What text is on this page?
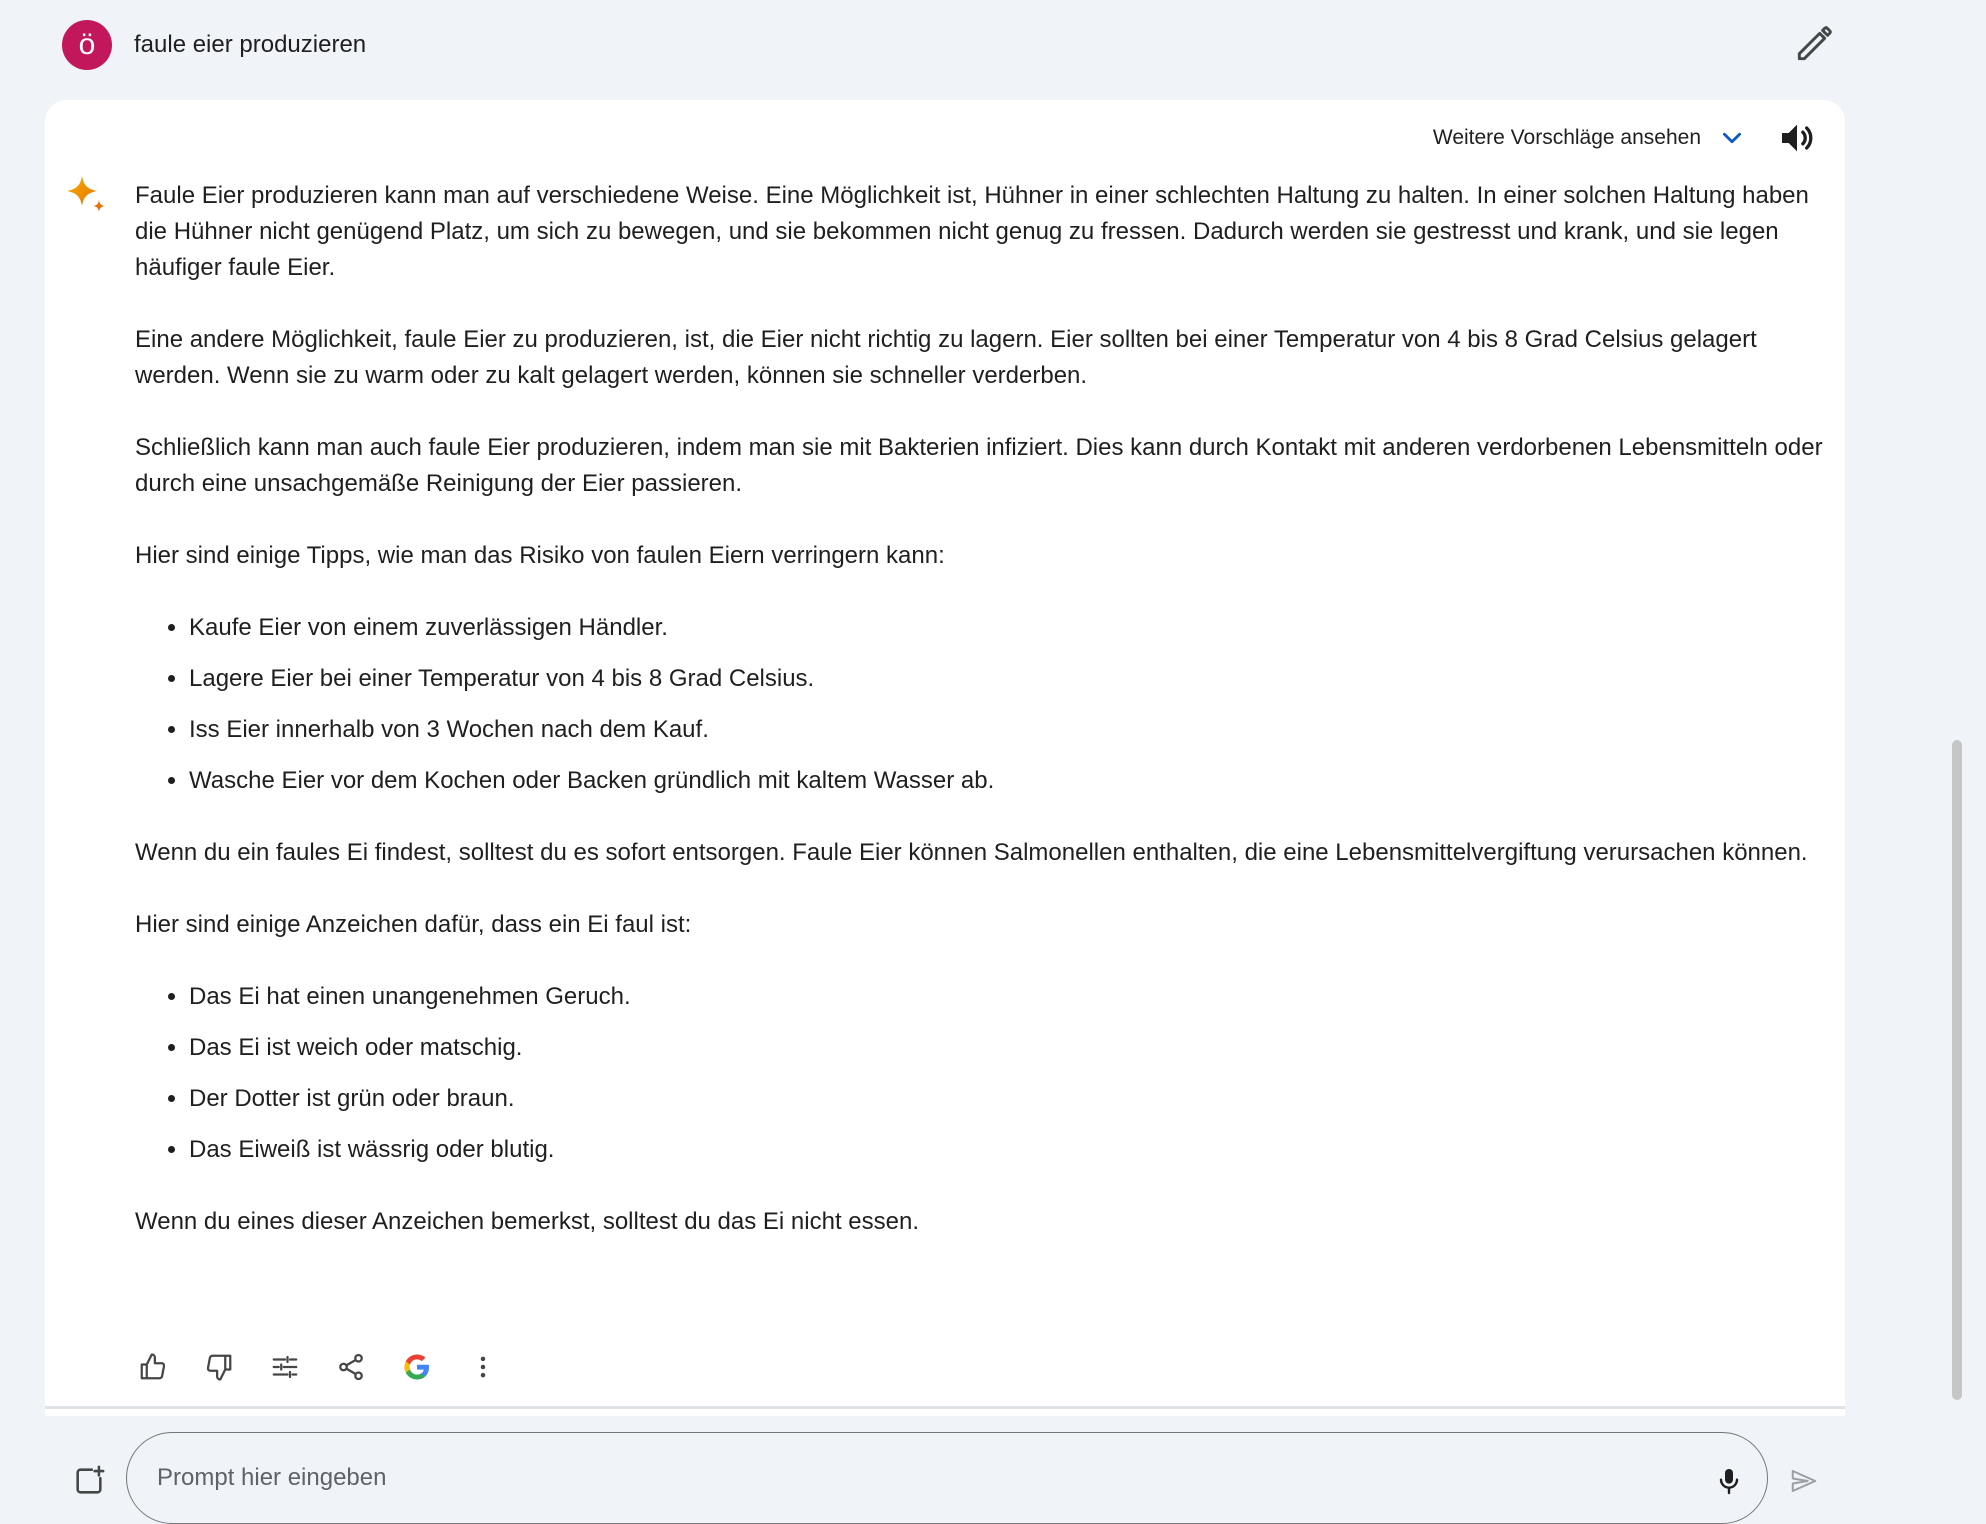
ö	faule eier produzieren
Weitere Vorschläge ansehen

Faule Eier produzieren kann man auf verschiedene Weise. Eine Möglichkeit ist, Hühner in einer schlechten Haltung zu halten. In einer solchen Haltung haben die Hühner nicht genügend Platz, um sich zu bewegen, und sie bekommen nicht genug zu fressen. Dadurch werden sie gestresst und krank, und sie legen häufiger faule Eier.

Eine andere Möglichkeit, faule Eier zu produzieren, ist, die Eier nicht richtig zu lagern. Eier sollten bei einer Temperatur von 4 bis 8 Grad Celsius gelagert werden. Wenn sie zu warm oder zu kalt gelagert werden, können sie schneller verderben.

Schließlich kann man auch faule Eier produzieren, indem man sie mit Bakterien infiziert. Dies kann durch Kontakt mit anderen verdorbenen Lebensmitteln oder durch eine unsachgemäße Reinigung der Eier passieren.

Hier sind einige Tipps, wie man das Risiko von faulen Eiern verringern kann:

• Kaufe Eier von einem zuverlässigen Händler.
• Lagere Eier bei einer Temperatur von 4 bis 8 Grad Celsius.
• Iss Eier innerhalb von 3 Wochen nach dem Kauf.
• Wasche Eier vor dem Kochen oder Backen gründlich mit kaltem Wasser ab.

Wenn du ein faules Ei findest, solltest du es sofort entsorgen. Faule Eier können Salmonellen enthalten, die eine Lebensmittelvergiftung verursachen können.

Hier sind einige Anzeichen dafür, dass ein Ei faul ist:

• Das Ei hat einen unangenehmen Geruch.
• Das Ei ist weich oder matschig.
• Der Dotter ist grün oder braun.
• Das Eiweiß ist wässrig oder blutig.

Wenn du eines dieser Anzeichen bemerkst, solltest du das Ei nicht essen.

Prompt hier eingeben
